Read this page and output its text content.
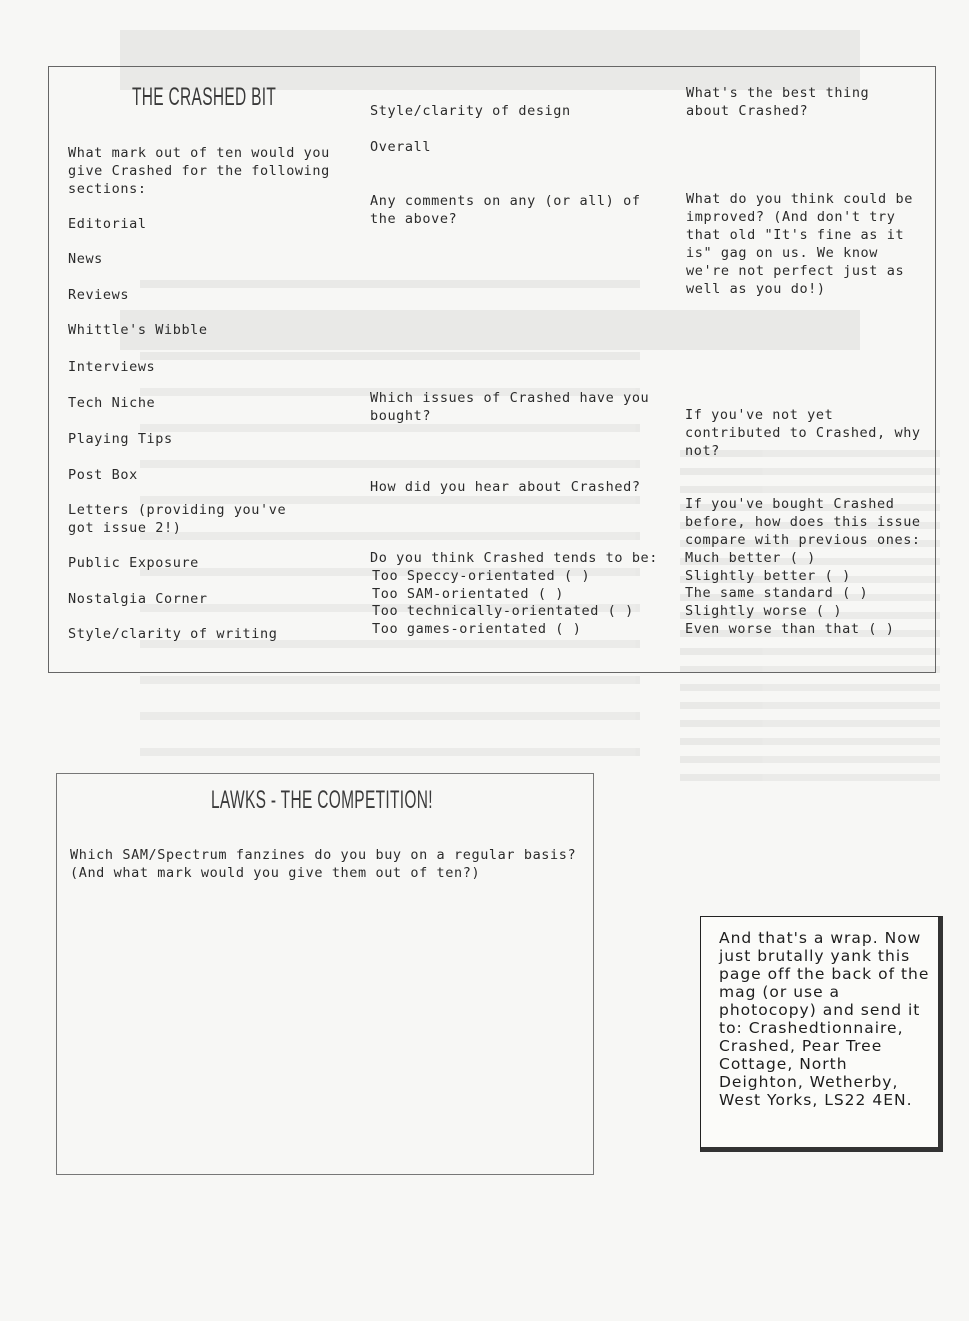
THE CRASHED BIT

What mark out of ten would you give Crashed for the following sections:

Editorial

News

Reviews

Whittle's Wibble

Interviews

Tech Niche

Playing Tips

Post Box

Letters (providing you've got issue 2!)

Public Exposure

Nostalgia Corner

Style/clarity of writing

Style/clarity of design

Overall

Any comments on any (or all) of the above?

Which issues of Crashed have you bought?

How did you hear about Crashed?

Do you think Crashed tends to be:

Too Speccy-orientated ( )

Too SAM-orientated ( )

Too technically-orientated ( )

Too games-orientated ( )

What's the best thing about Crashed?

What do you think could be improved? (And don't try that old "It's fine as it is" gag on us. We know we're not perfect just as well as you do!)

If you've not yet contributed to Crashed, why not?

If you've bought Crashed before, how does this issue compare with previous ones:

Much better ( )

Slightly better ( )

The same standard ( )

Slightly worse ( )

Even worse than that ( )

LAWKS - THE COMPETITION!

Which SAM/Spectrum fanzines do you buy on a regular basis? (And what mark would you give them out of ten?)

And that's a wrap. Now just brutally yank this page off the back of the mag (or use a photocopy) and send it to: Crashedtionnaire, Crashed, Pear Tree Cottage, North Deighton, Wetherby, West Yorks, LS22 4EN.
